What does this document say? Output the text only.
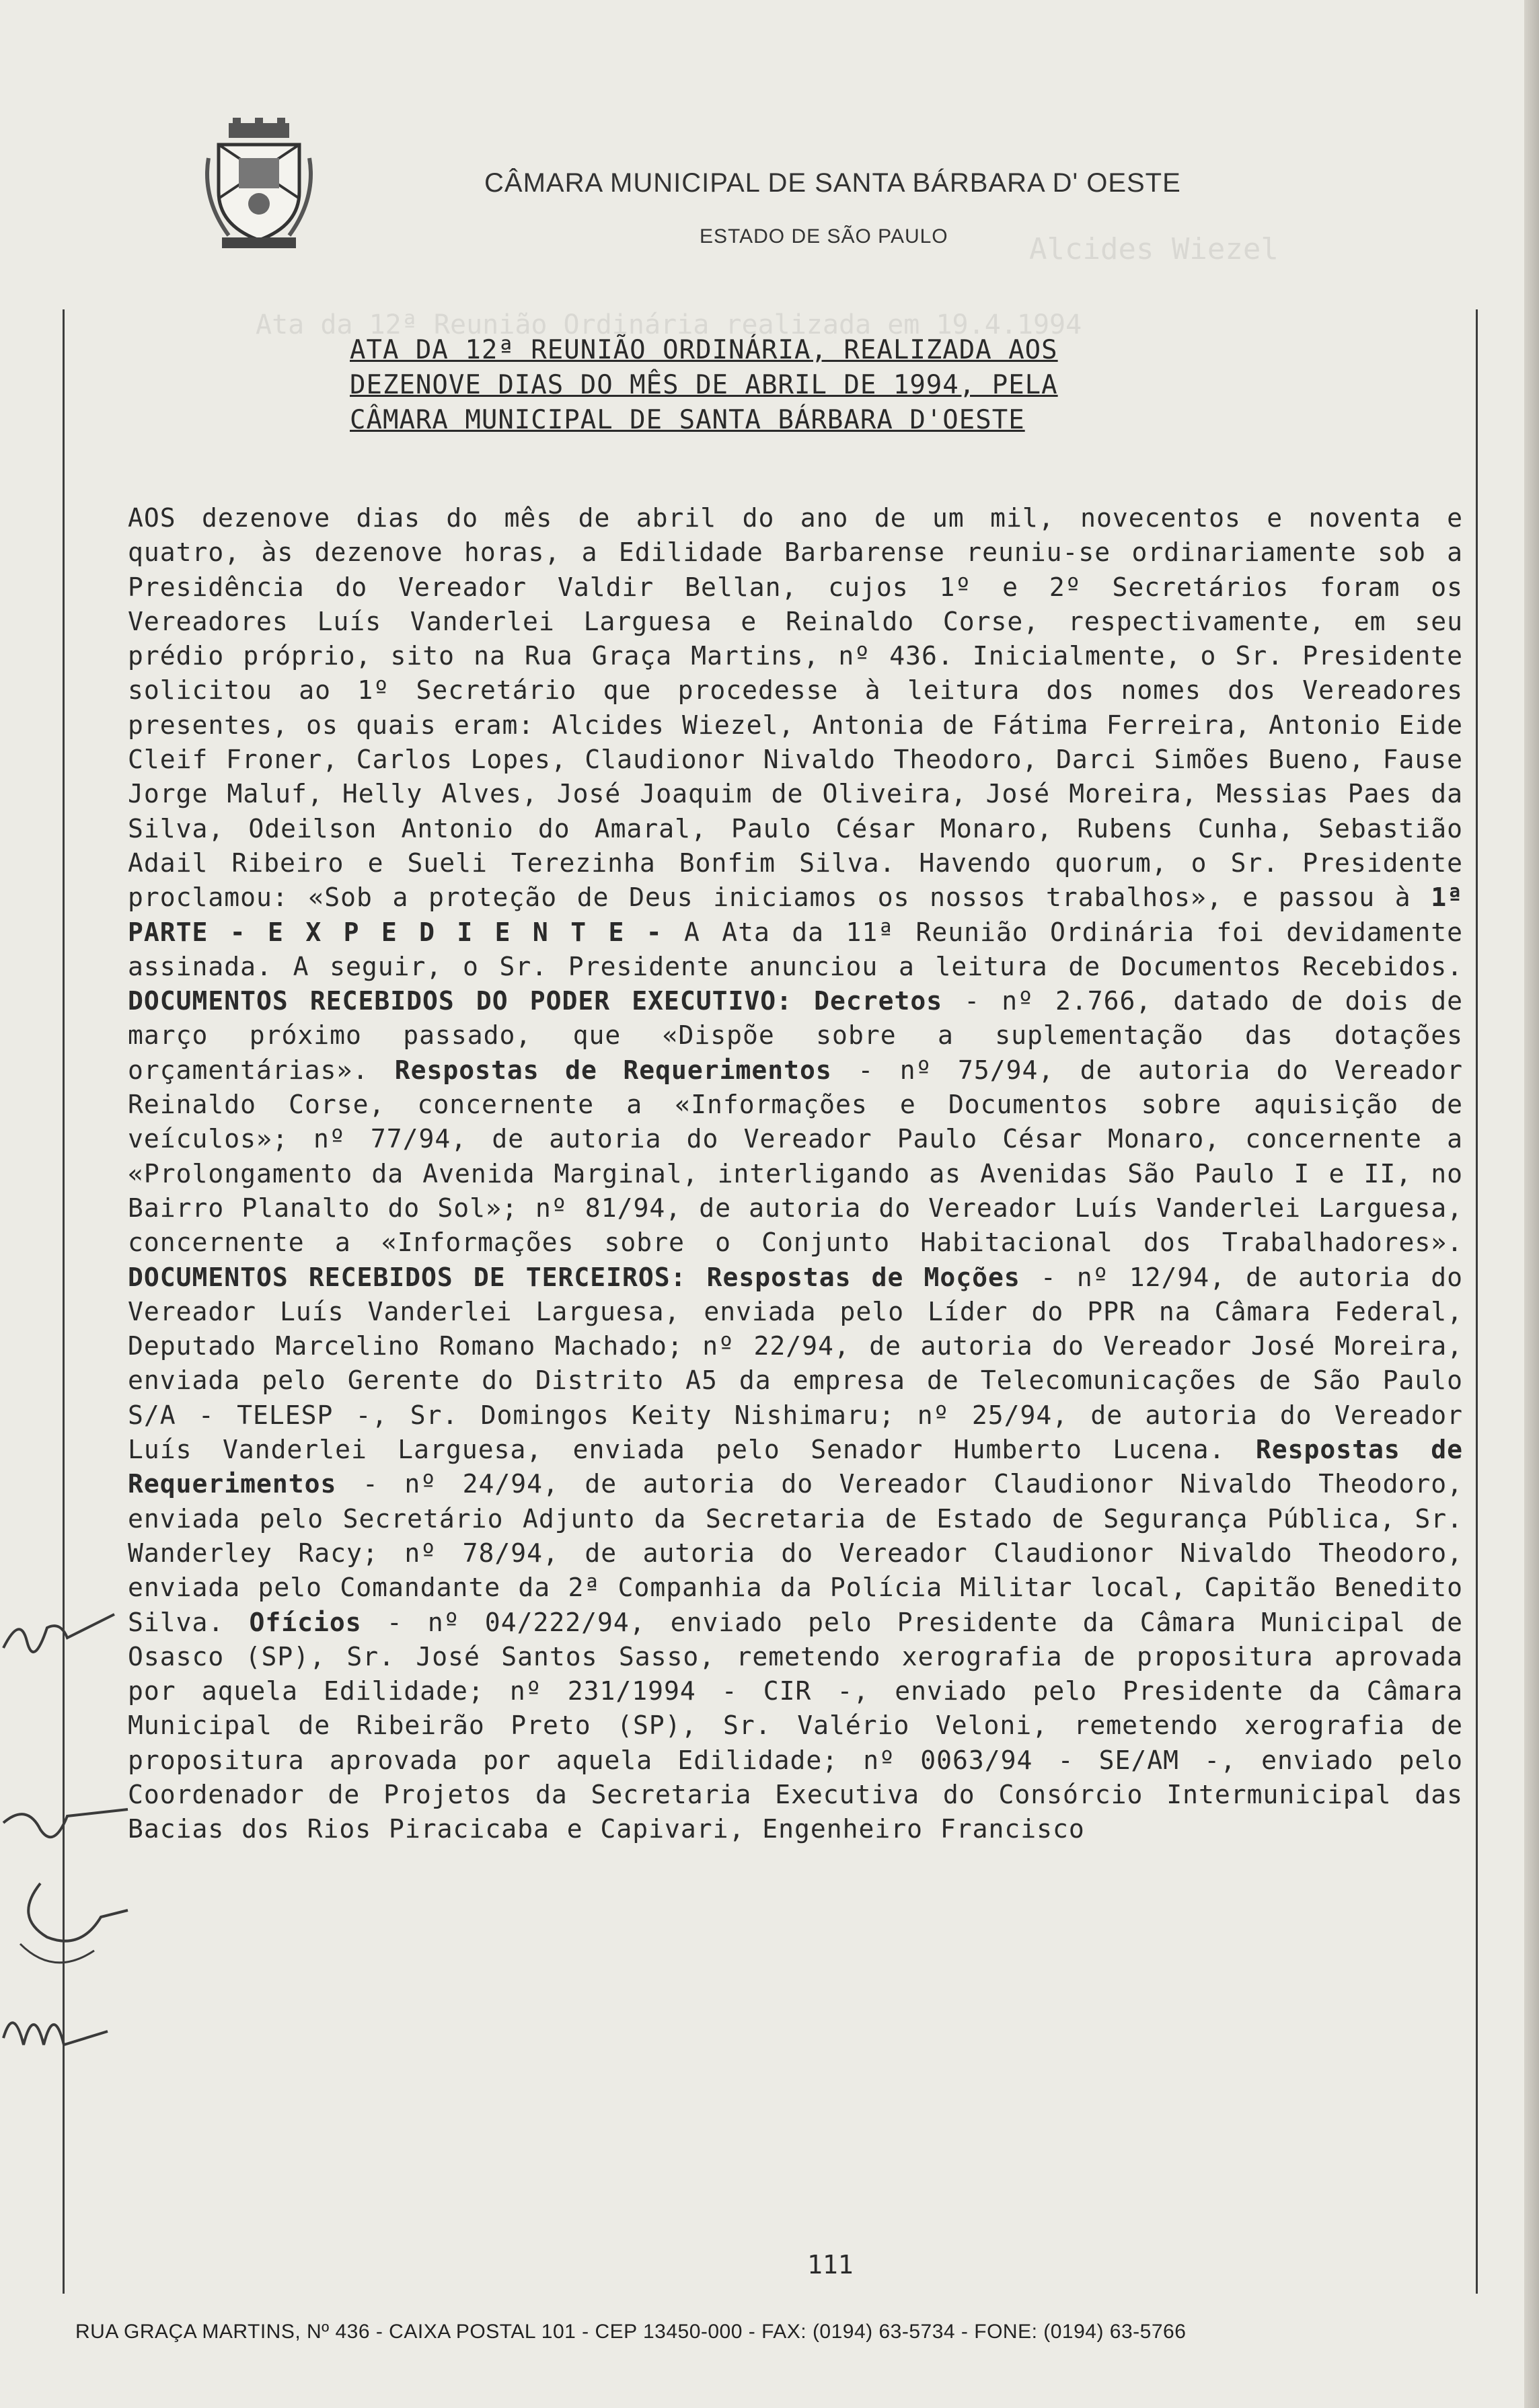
Alcides Wiezel
Ata da 12ª Reunião Ordinária realizada em 19.4.1994
CÂMARA MUNICIPAL DE SANTA BÁRBARA D' OESTE
ESTADO DE SÃO PAULO
ATA DA 12ª REUNIÃO ORDINÁRIA, REALIZADA AOS
DEZENOVE DIAS DO MÊS DE ABRIL DE 1994, PELA
CÂMARA MUNICIPAL DE SANTA BÁRBARA D'OESTE
AOS dezenove dias do mês de abril do ano de um mil, novecentos e noventa e quatro, às dezenove horas, a Edilidade Barbarense reuniu-se ordinariamente sob a Presidência do Vereador Valdir Bellan, cujos 1º e 2º Secretários foram os Vereadores Luís Vanderlei Larguesa e Reinaldo Corse, respectivamente, em seu prédio próprio, sito na Rua Graça Martins, nº 436. Inicialmente, o Sr. Presidente solicitou ao 1º Secretário que procedesse à leitura dos nomes dos Vereadores presentes, os quais eram: Alcides Wiezel, Antonia de Fátima Ferreira, Antonio Eide Cleif Froner, Carlos Lopes, Claudionor Nivaldo Theodoro, Darci Simões Bueno, Fause Jorge Maluf, Helly Alves, José Joaquim de Oliveira, José Moreira, Messias Paes da Silva, Odeilson Antonio do Amaral, Paulo César Monaro, Rubens Cunha, Sebastião Adail Ribeiro e Sueli Terezinha Bonfim Silva. Havendo quorum, o Sr. Presidente proclamou: «Sob a proteção de Deus iniciamos os nossos trabalhos», e passou à 1ª PARTE - E X P E D I E N T E - A Ata da 11ª Reunião Ordinária foi devidamente assinada. A seguir, o Sr. Presidente anunciou a leitura de Documentos Recebidos. DOCUMENTOS RECEBIDOS DO PODER EXECUTIVO: Decretos - nº 2.766, datado de dois de março próximo passado, que «Dispõe sobre a suplementação das dotações orçamentárias». Respostas de Requerimentos - nº 75/94, de autoria do Vereador Reinaldo Corse, concernente a «Informações e Documentos sobre aquisição de veículos»; nº 77/94, de autoria do Vereador Paulo César Monaro, concernente a «Prolongamento da Avenida Marginal, interligando as Avenidas São Paulo I e II, no Bairro Planalto do Sol»; nº 81/94, de autoria do Vereador Luís Vanderlei Larguesa, concernente a «Informações sobre o Conjunto Habitacional dos Trabalhadores». DOCUMENTOS RECEBIDOS DE TERCEIROS: Respostas de Moções - nº 12/94, de autoria do Vereador Luís Vanderlei Larguesa, enviada pelo Líder do PPR na Câmara Federal, Deputado Marcelino Romano Machado; nº 22/94, de autoria do Vereador José Moreira, enviada pelo Gerente do Distrito A5 da empresa de Telecomunicações de São Paulo S/A - TELESP -, Sr. Domingos Keity Nishimaru; nº 25/94, de autoria do Vereador Luís Vanderlei Larguesa, enviada pelo Senador Humberto Lucena. Respostas de Requerimentos - nº 24/94, de autoria do Vereador Claudionor Nivaldo Theodoro, enviada pelo Secretário Adjunto da Secretaria de Estado de Segurança Pública, Sr. Wanderley Racy; nº 78/94, de autoria do Vereador Claudionor Nivaldo Theodoro, enviada pelo Comandante da 2ª Companhia da Polícia Militar local, Capitão Benedito Silva. Ofícios - nº 04/222/94, enviado pelo Presidente da Câmara Municipal de Osasco (SP), Sr. José Santos Sasso, remetendo xerografia de propositura aprovada por aquela Edilidade; nº 231/1994 - CIR -, enviado pelo Presidente da Câmara Municipal de Ribeirão Preto (SP), Sr. Valério Veloni, remetendo xerografia de propositura aprovada por aquela Edilidade; nº 0063/94 - SE/AM -, enviado pelo Coordenador de Projetos da Secretaria Executiva do Consórcio Intermunicipal das Bacias dos Rios Piracicaba e Capivari, Engenheiro Francisco
111
RUA GRAÇA MARTINS, Nº 436 - CAIXA POSTAL 101 - CEP 13450-000 - FAX: (0194) 63-5734 - FONE: (0194) 63-5766
